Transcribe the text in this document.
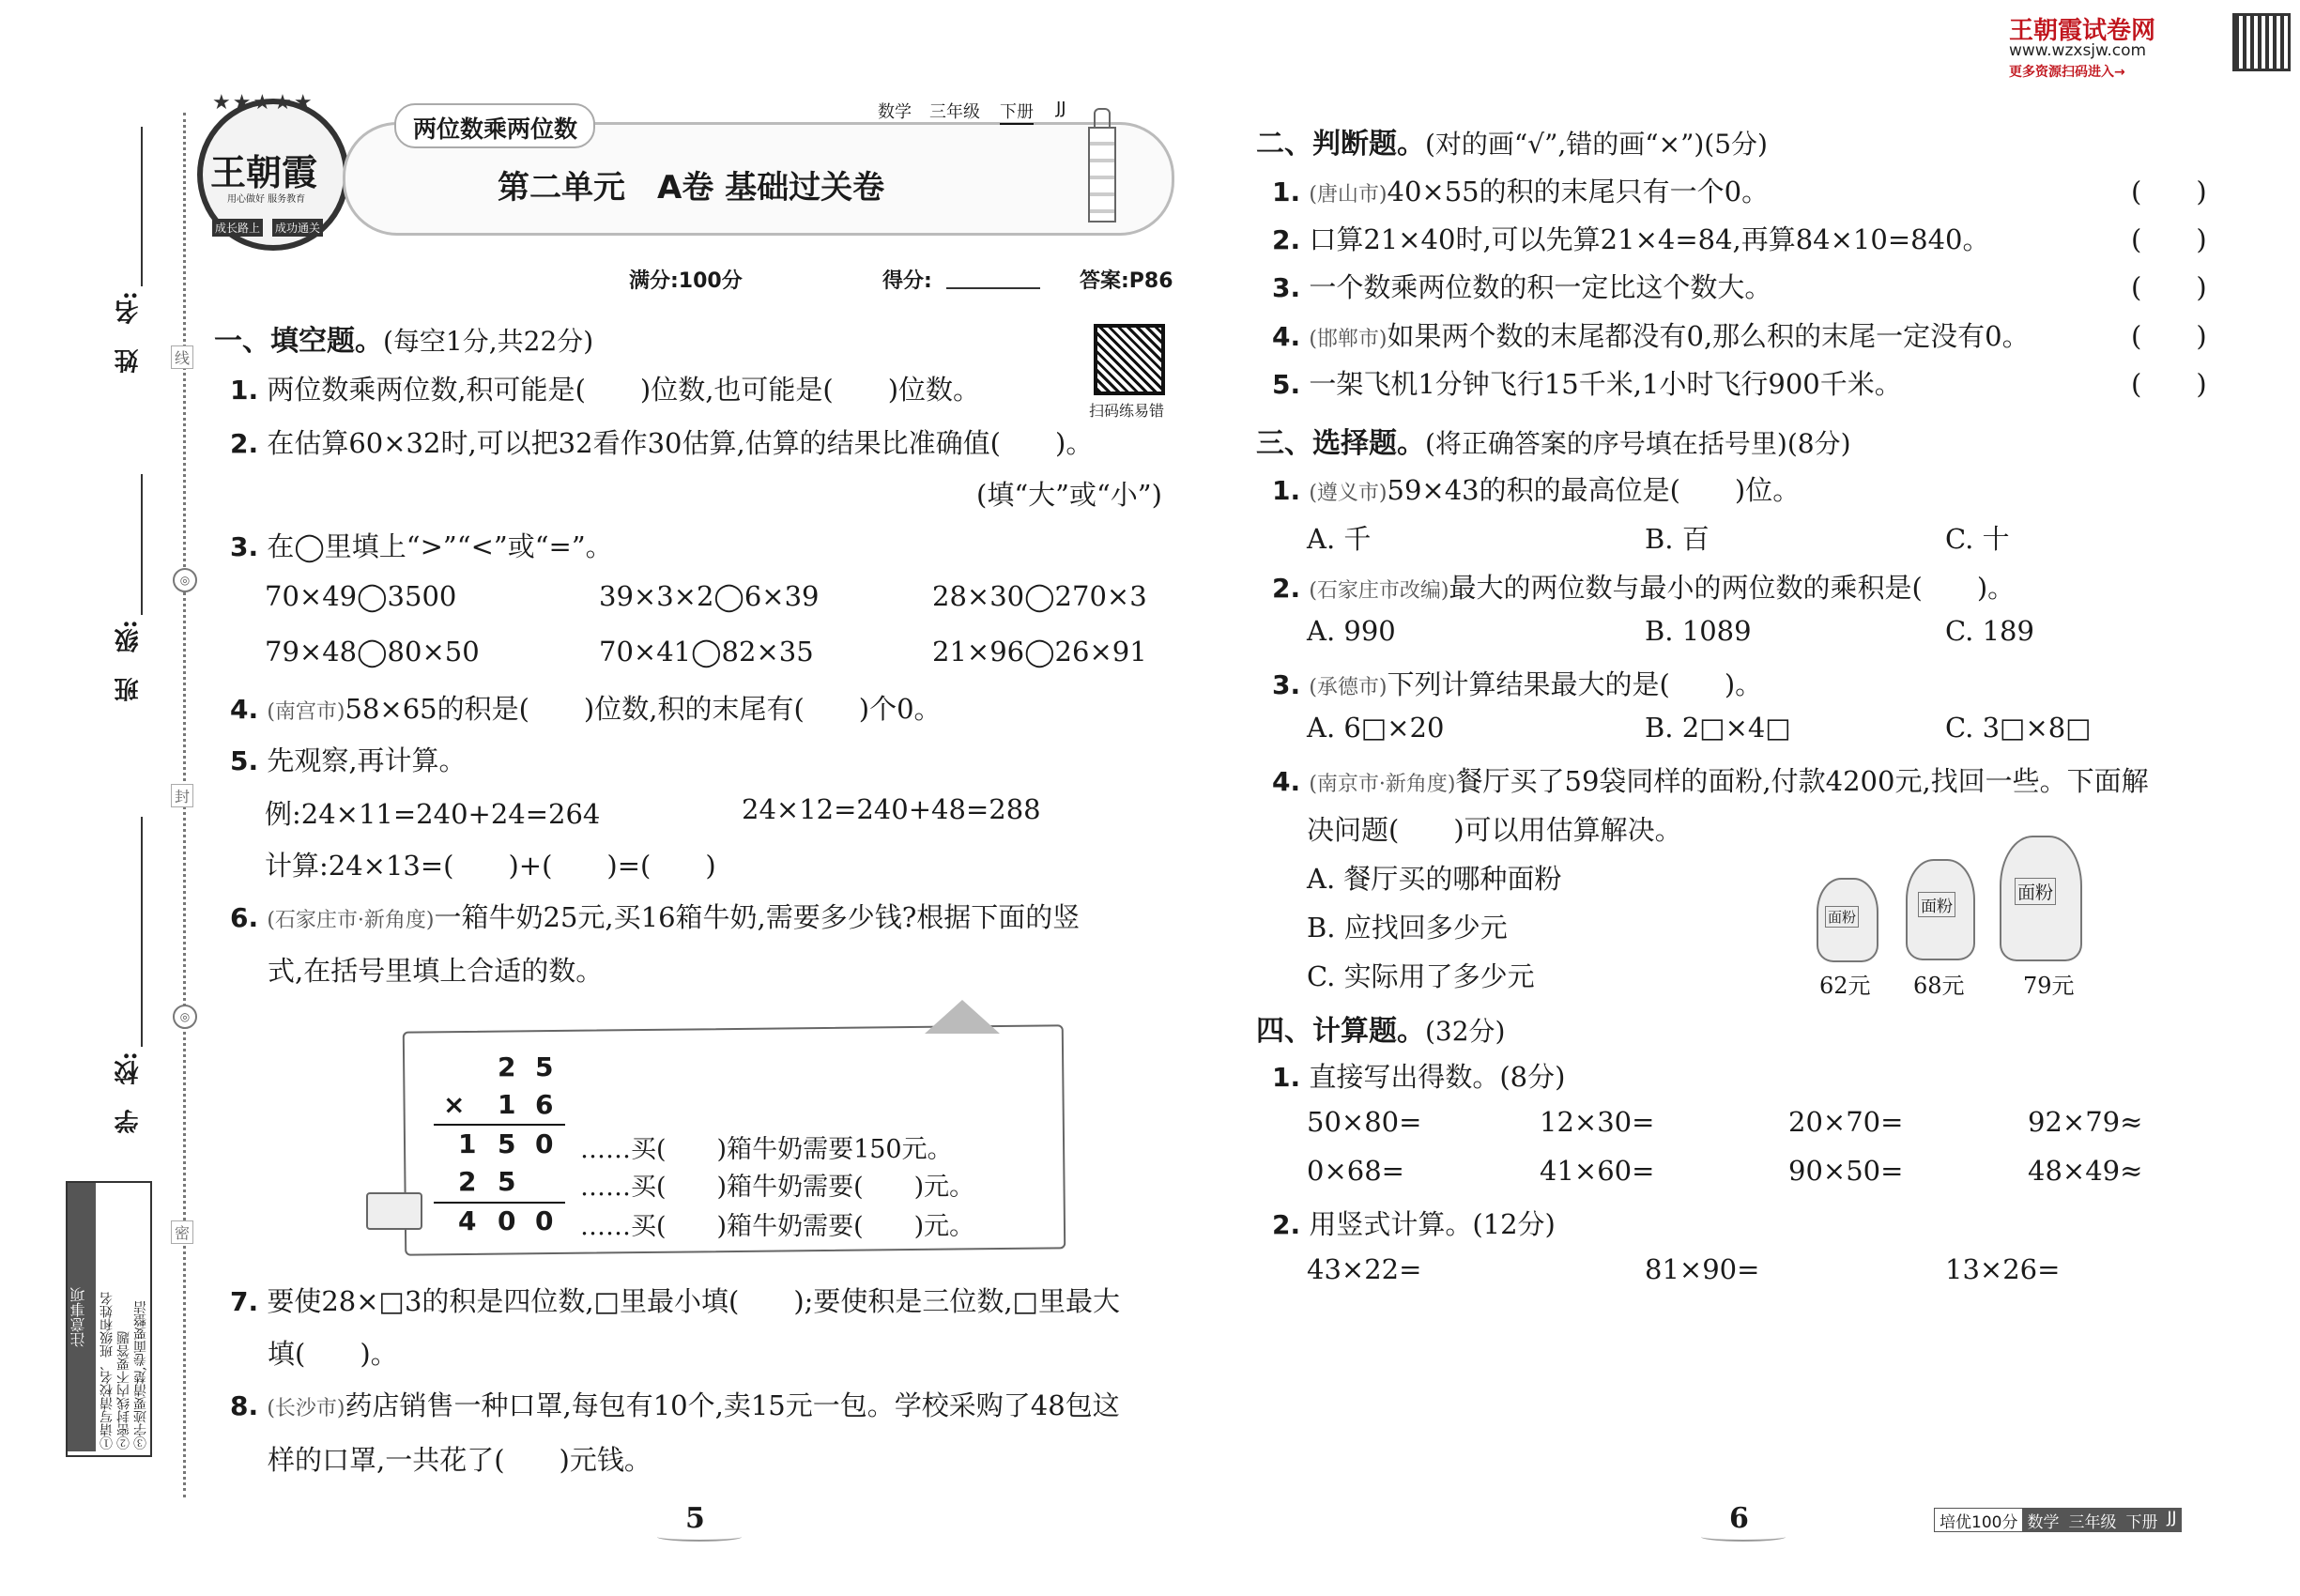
王朝霞试卷网
www.wzxsjw.com
更多资源扫码进入→
姓　名:
班　级:
学　校:
线
◎
封
◎
密
注意事项 ①请写清校名、班级和姓名 ②密封线内不要答题 ③字迹要清楚,卷面要整洁
★★★★★
王朝霞
用心做好 服务教育
成长路上 成功通关
两位数乘两位数
数学 三年级 下册 JJ
第二单元　A卷 基础过关卷
满分:100分	得分:	答案:P86
扫码练易错
一、填空题。(每空1分,共22分)
1. 两位数乘两位数,积可能是(　　)位数,也可能是(　　)位数。
2. 在估算60×32时,可以把32看作30估算,估算的结果比准确值(　　)。
(填“大”或“小”)
3. 在◯里填上“>”“<”或“=”。
70×49◯3500	39×3×2◯6×39	28×30◯270×3
79×48◯80×50	70×41◯82×35	21×96◯26×91
4. (南宫市)58×65的积是(　　)位数,积的末尾有(　　)个0。
5. 先观察,再计算。
例:24×11=240+24=264	24×12=240+48=288
计算:24×13=(　　)+(　　)=(　　)
6. (石家庄市·新角度)一箱牛奶25元,买16箱牛奶,需要多少钱?根据下面的竖
式,在括号里填上合适的数。
2 5
× 1 6
1 5 0
2 5
4 0 0
……买(　　)箱牛奶需要150元。
……买(　　)箱牛奶需要(　　)元。
……买(　　)箱牛奶需要(　　)元。
7. 要使28×□3的积是四位数,□里最小填(　　);要使积是三位数,□里最大
填(　　)。
8. (长沙市)药店销售一种口罩,每包有10个,卖15元一包。学校采购了48包这
样的口罩,一共花了(　　)元钱。
5
二、判断题。(对的画“√”,错的画“×”)(5分)
1. (唐山市)40×55的积的末尾只有一个0。	(　　)
2. 口算21×40时,可以先算21×4=84,再算84×10=840。	(　　)
3. 一个数乘两位数的积一定比这个数大。	(　　)
4. (邯郸市)如果两个数的末尾都没有0,那么积的末尾一定没有0。	(　　)
5. 一架飞机1分钟飞行15千米,1小时飞行900千米。	(　　)
三、选择题。(将正确答案的序号填在括号里)(8分)
1. (遵义市)59×43的积的最高位是(　　)位。
A. 千	B. 百	C. 十
2. (石家庄市改编)最大的两位数与最小的两位数的乘积是(　　)。
A. 990	B. 1089	C. 189
3. (承德市)下列计算结果最大的是(　　)。
A. 6□×20	B. 2□×4□	C. 3□×8□
4. (南京市·新角度)餐厅买了59袋同样的面粉,付款4200元,找回一些。下面解
决问题(　　)可以用估算解决。
A. 餐厅买的哪种面粉
B. 应找回多少元
C. 实际用了多少元
面粉
62元
面粉
68元
面粉
79元
四、计算题。(32分)
1. 直接写出得数。(8分)
50×80=	12×30=	20×70=	92×79≈
0×68=	41×60=	90×50=	48×49≈
2. 用竖式计算。(12分)
43×22=	81×90=	13×26=
6	培优100分 数学 三年级 下册 JJ
